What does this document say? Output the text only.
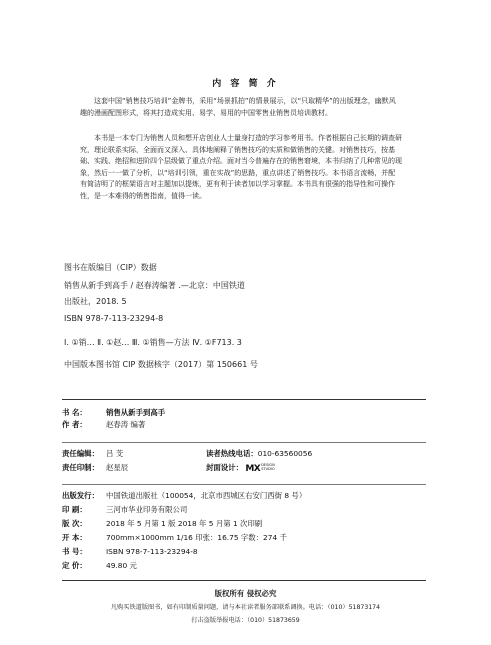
内 容 简 介

这套中国“销售技巧培训”金牌书，采用“场景抓拍”的情景展示，以“只取精华”的出版理念，幽默风趣的漫画配图形式，将其打造成实用、易学、易用的中国零售业销售员培训教材。

本书是一本专门为销售人员和想开店创业人士量身打造的学习参考用书。作者根据自己长期的调查研究，理论联系实际，全面而又深入、具体地阐释了销售技巧的实质和做销售的关键。对销售技巧，按基础、实践、绝招和进阶四个层级做了重点介绍。面对当今普遍存在的销售窘境，本书归纳了几种常见的现象，然后一一做了分析，以“培训引领，重在实战”的思路，重点讲述了销售技巧。本书语言流畅，并配有简洁明了的框架语言对主题加以提炼，更有利于读者加以学习掌握。本书具有很强的指导性和可操作性，是一本难得的销售指南，值得一读。

图书在版编目（CIP）数据
销售从新手到高手 / 赵春涛编著 .—北京：中国铁道
出版社，2018. 5
ISBN 978-7-113-23294-8
Ⅰ. ①销… Ⅱ. ①赵… Ⅲ. ①销售—方法 Ⅳ. ①F713. 3
中国版本图书馆 CIP 数据核字（2017）第 150661 号
书 名：	销售从新手到高手
作 者：	赵春涛 编著
责任编辑： 吕 芠	读者热线电话：010-63560056
责任印制： 赵星辰	封面设计： MX DESIGN
STUDIO
出版发行： 中国铁道出版社（100054，北京市西城区右安门西街 8 号）
印 刷：	三河市华业印务有限公司
版 次：	2018 年 5 月第 1 版 2018 年 5 月第 1 次印刷
开 本：	700mm×1000mm 1/16 印张：16.75 字数：274 千
书 号：	ISBN 978-7-113-23294-8
定 价：	49.80 元
版权所有 侵权必究
凡购买铁道版图书，如有印制质量问题，请与本社读者服务部联系调换。电话：（010）51873174
打击盗版举报电话：（010）51873659
